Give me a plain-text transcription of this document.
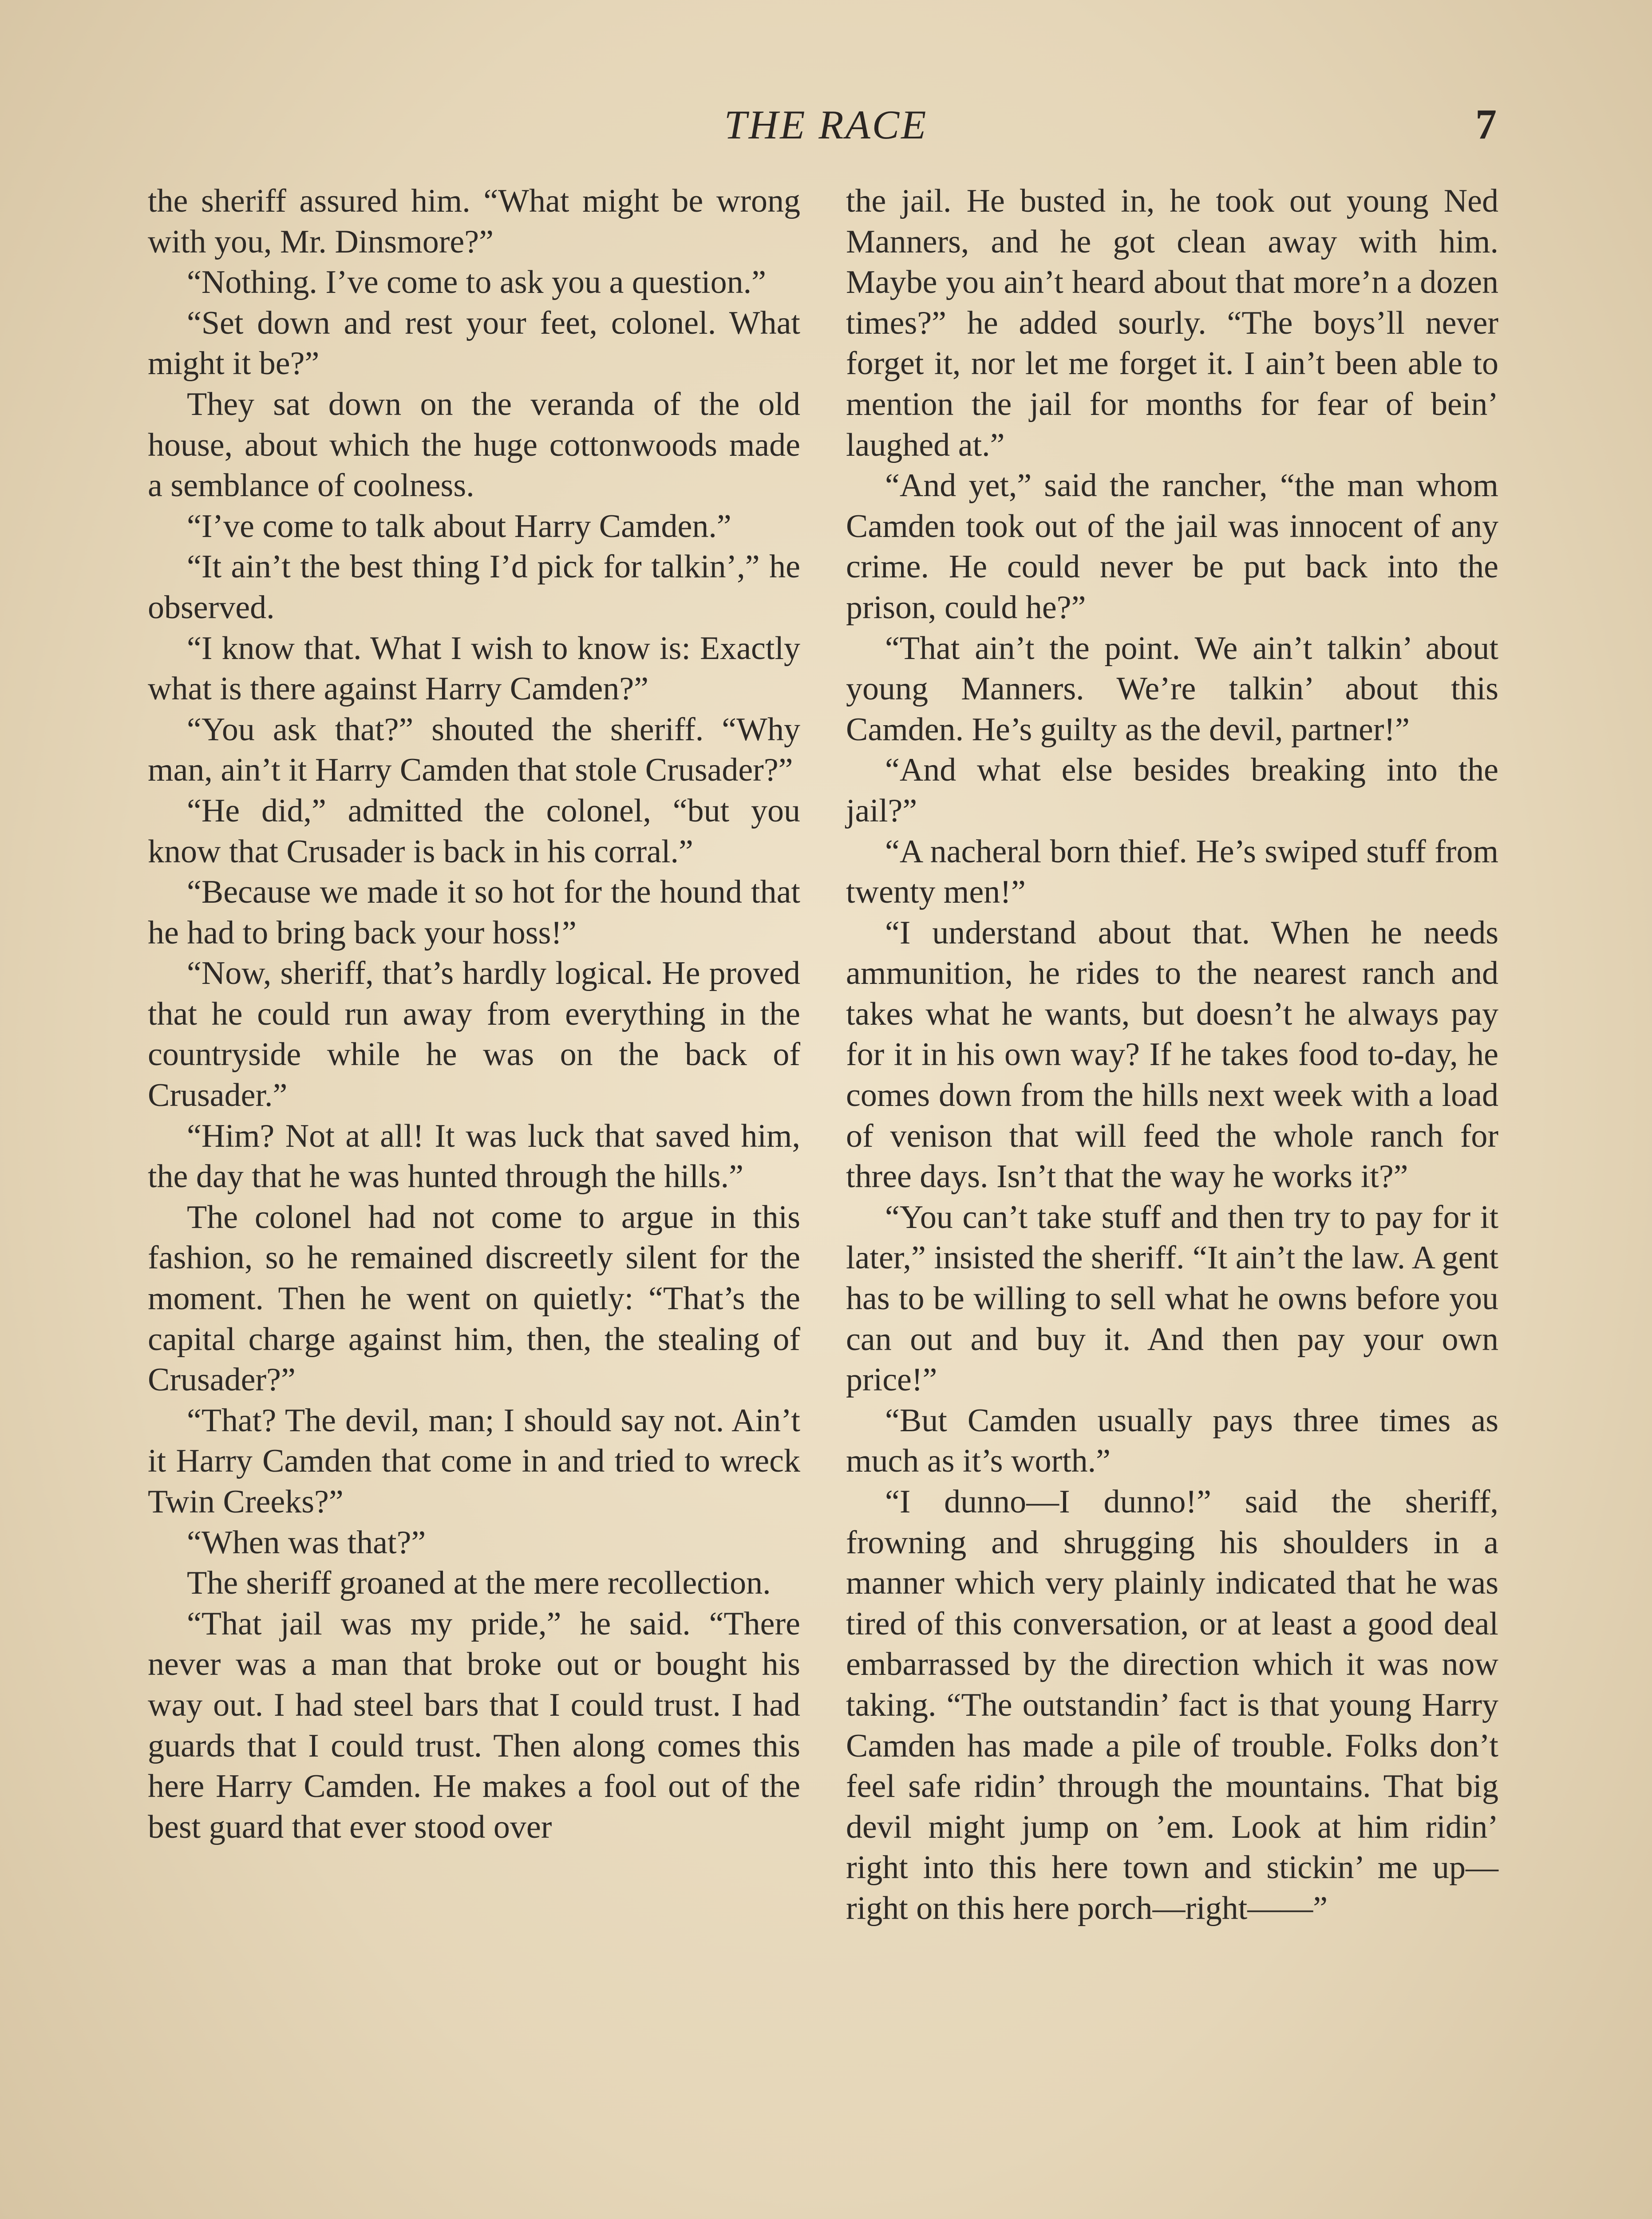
THE RACE	7

the sheriff assured him. “What might be wrong with you, Mr. Dinsmore?”

“Nothing. I’ve come to ask you a question.”

“Set down and rest your feet, colonel. What might it be?”

They sat down on the veranda of the old house, about which the huge cottonwoods made a semblance of coolness.

“I’ve come to talk about Harry Camden.”

“It ain’t the best thing I’d pick for talkin’,” he observed.

“I know that. What I wish to know is: Exactly what is there against Harry Camden?”

“You ask that?” shouted the sheriff. “Why man, ain’t it Harry Camden that stole Crusader?”

“He did,” admitted the colonel, “but you know that Crusader is back in his corral.”

“Because we made it so hot for the hound that he had to bring back your hoss!”

“Now, sheriff, that’s hardly logical. He proved that he could run away from everything in the countryside while he was on the back of Crusader.”

“Him? Not at all! It was luck that saved him, the day that he was hunted through the hills.”

The colonel had not come to argue in this fashion, so he remained discreetly silent for the moment. Then he went on quietly: “That’s the capital charge against him, then, the stealing of Crusader?”

“That? The devil, man; I should say not. Ain’t it Harry Camden that come in and tried to wreck Twin Creeks?”

“When was that?”

The sheriff groaned at the mere recollection.

“That jail was my pride,” he said. “There never was a man that broke out or bought his way out. I had steel bars that I could trust. I had guards that I could trust. Then along comes this here Harry Camden. He makes a fool out of the best guard that ever stood over

the jail. He busted in, he took out young Ned Manners, and he got clean away with him. Maybe you ain’t heard about that more’n a dozen times?” he added sourly. “The boys’ll never forget it, nor let me forget it. I ain’t been able to mention the jail for months for fear of bein’ laughed at.”

“And yet,” said the rancher, “the man whom Camden took out of the jail was innocent of any crime. He could never be put back into the prison, could he?”

“That ain’t the point. We ain’t talkin’ about young Manners. We’re talkin’ about this Camden. He’s guilty as the devil, partner!”

“And what else besides breaking into the jail?”

“A nacheral born thief. He’s swiped stuff from twenty men!”

“I understand about that. When he needs ammunition, he rides to the nearest ranch and takes what he wants, but doesn’t he always pay for it in his own way? If he takes food to-day, he comes down from the hills next week with a load of venison that will feed the whole ranch for three days. Isn’t that the way he works it?”

“You can’t take stuff and then try to pay for it later,” insisted the sheriff. “It ain’t the law. A gent has to be willing to sell what he owns before you can out and buy it. And then pay your own price!”

“But Camden usually pays three times as much as it’s worth.”

“I dunno—I dunno!” said the sheriff, frowning and shrugging his shoulders in a manner which very plainly indicated that he was tired of this conversation, or at least a good deal embarrassed by the direction which it was now taking. “The outstandin’ fact is that young Harry Camden has made a pile of trouble. Folks don’t feel safe ridin’ through the mountains. That big devil might jump on ’em. Look at him ridin’ right into this here town and stickin’ me up—right on this here porch—right——”
